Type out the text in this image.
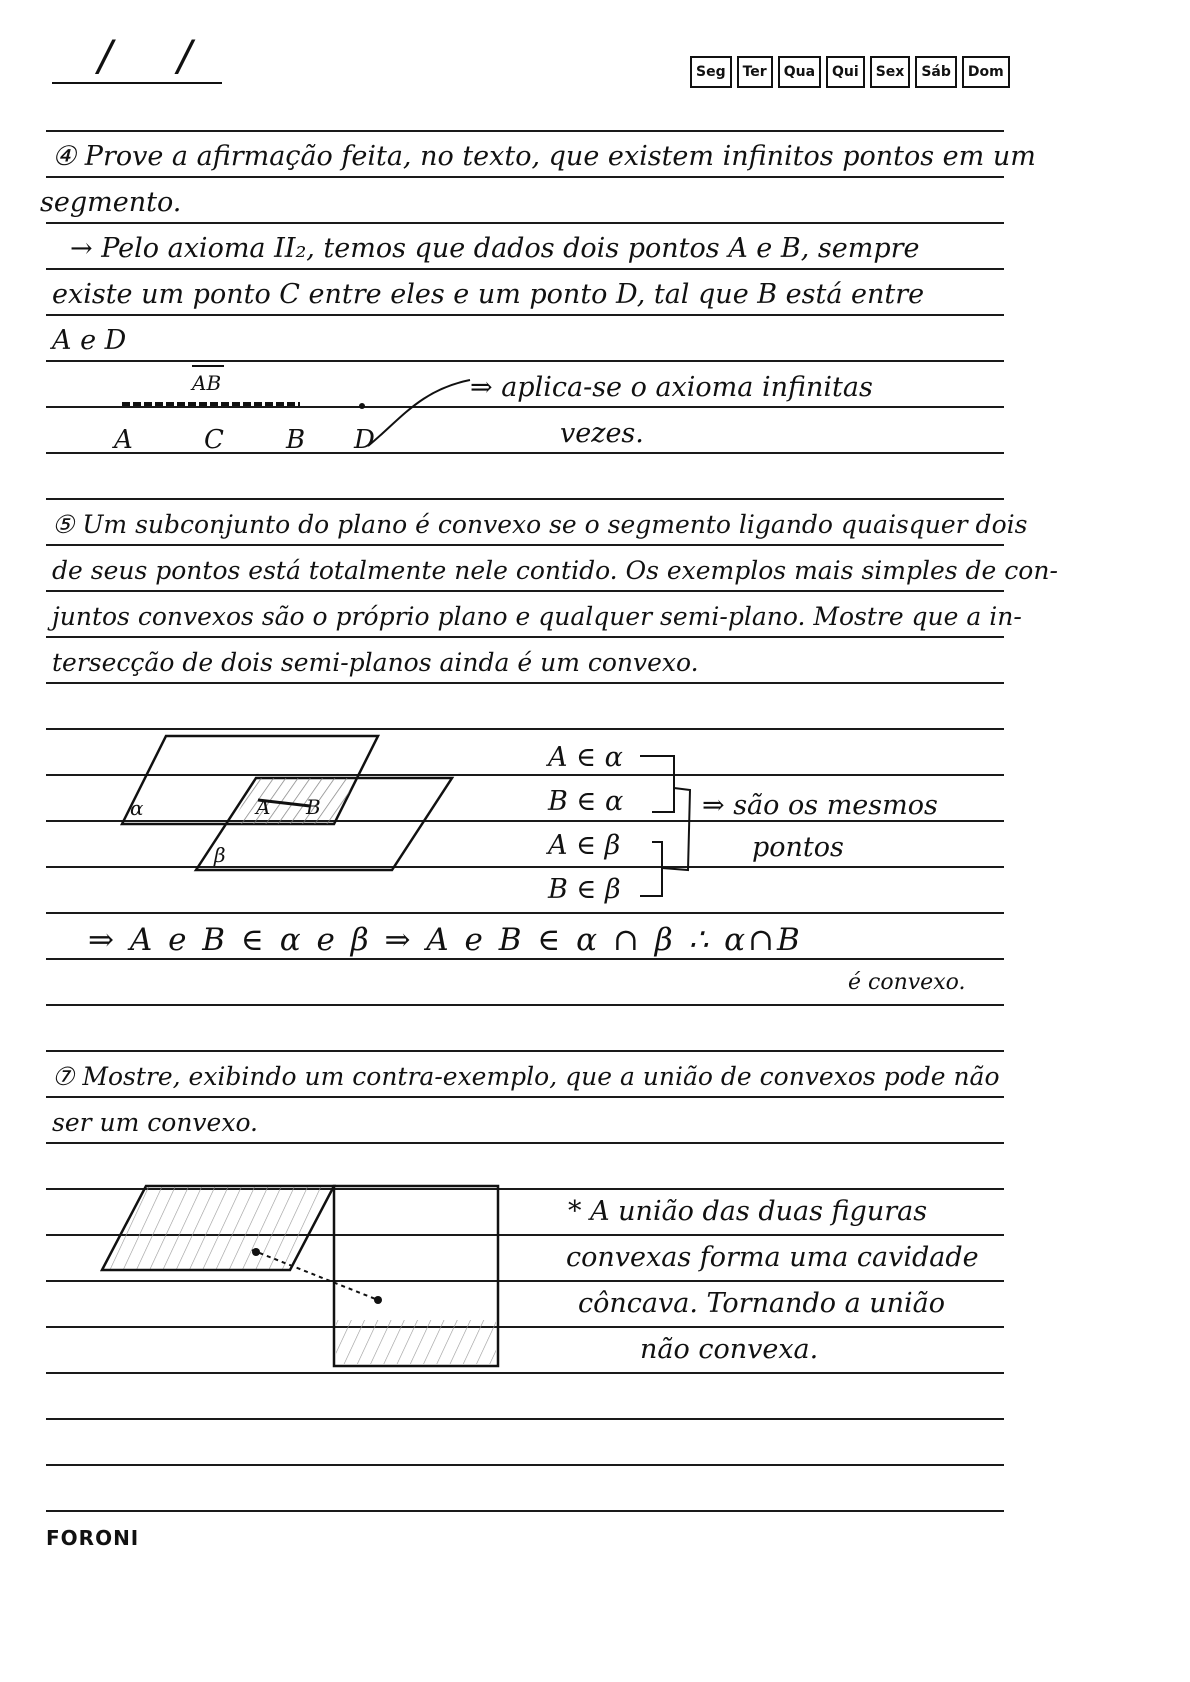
/ /	Seg	Ter	Qua	Qui	Sex	Sáb	Dom
④ Prove a afirmação feita, no texto, que existem infinitos pontos em um
segmento.
→ Pelo axioma II₂, temos que dados dois pontos A e B, sempre
existe um ponto C entre eles e um ponto D, tal que B está entre
A e D
⇒ aplica-se o axioma infinitas
vezes.
⑤ Um subconjunto do plano é convexo se o segmento ligando quaisquer dois
de seus pontos está totalmente nele contido. Os exemplos mais simples de con-
juntos convexos são o próprio plano e qualquer semi-plano. Mostre que a in-
tersecção de dois semi-planos ainda é um convexo.
A ∈ α
B ∈ α
A ∈ β
B ∈ β
⇒ são os mesmos
pontos
⇒ A e B ∈ α e β ⇒ A e B ∈ α ∩ β ∴ α∩B
é convexo.
⑦ Mostre, exibindo um contra-exemplo, que a união de convexos pode não
ser um convexo.
* A união das duas figuras
convexas forma uma cavidade
côncava. Tornando a união
não convexa.
AB
A	C B D
α
β
A B
FORONI
